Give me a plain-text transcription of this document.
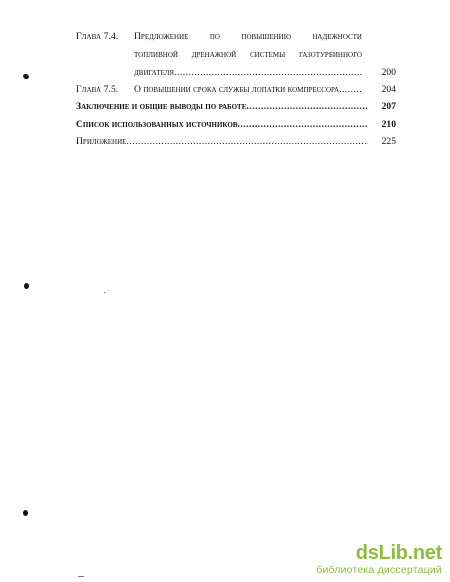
Глава 7.4. Предложение по повышению надежности
топливной дренажной системы газотурбинного
двигателя .....	200
Глава 7.5. О повышении срока службы лопатки компрессора .....	204
Заключение и общие выводы по работе .....	207
Список использованных источников .....	210
Приложение .....	225
dsLib.net
библиотека диссертаций
